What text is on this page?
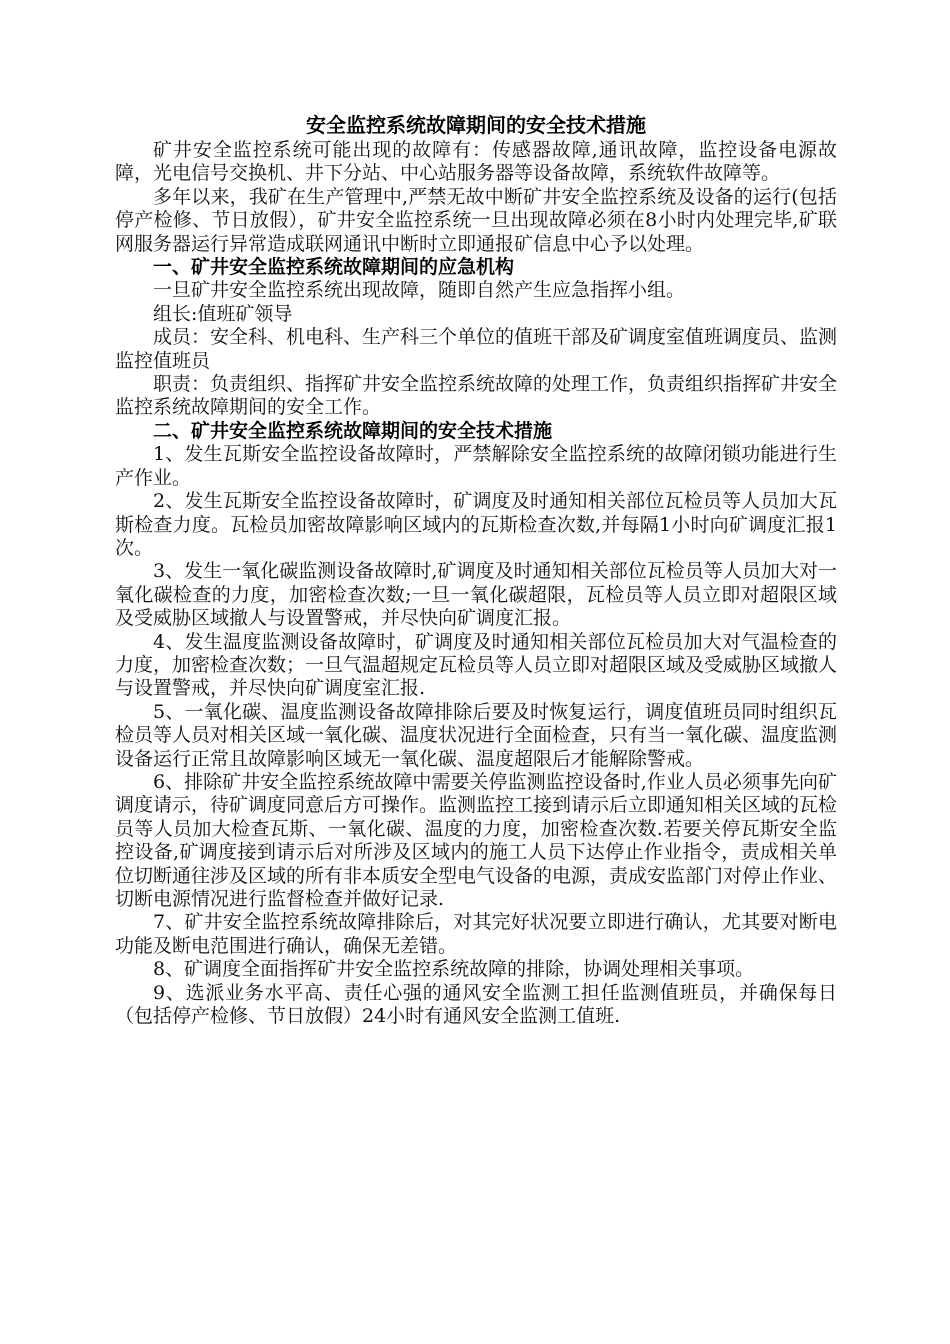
安全监控系统故障期间的安全技术措施

矿井安全监控系统可能出现的故障有：传感器故障,通讯故障，监控设备电源故障，光电信号交换机、井下分站、中心站服务器等设备故障，系统软件故障等。

多年以来，我矿在生产管理中,严禁无故中断矿井安全监控系统及设备的运行(包括停产检修、节日放假），矿井安全监控系统一旦出现故障必须在8小时内处理完毕,矿联网服务器运行异常造成联网通讯中断时立即通报矿信息中心予以处理。

一、矿井安全监控系统故障期间的应急机构

一旦矿井安全监控系统出现故障，随即自然产生应急指挥小组。

组长:值班矿领导

成员：安全科、机电科、生产科三个单位的值班干部及矿调度室值班调度员、监测监控值班员

职责：负责组织、指挥矿井安全监控系统故障的处理工作，负责组织指挥矿井安全监控系统故障期间的安全工作。

二、矿井安全监控系统故障期间的安全技术措施

1、发生瓦斯安全监控设备故障时，严禁解除安全监控系统的故障闭锁功能进行生产作业。

2、发生瓦斯安全监控设备故障时，矿调度及时通知相关部位瓦检员等人员加大瓦斯检查力度。瓦检员加密故障影响区域内的瓦斯检查次数,并每隔1小时向矿调度汇报1次。

3、发生一氧化碳监测设备故障时,矿调度及时通知相关部位瓦检员等人员加大对一氧化碳检查的力度，加密检查次数;一旦一氧化碳超限，瓦检员等人员立即对超限区域及受威胁区域撤人与设置警戒，并尽快向矿调度汇报。

4、发生温度监测设备故障时，矿调度及时通知相关部位瓦检员加大对气温检查的力度，加密检查次数；一旦气温超规定瓦检员等人员立即对超限区域及受威胁区域撤人与设置警戒，并尽快向矿调度室汇报.

5、一氧化碳、温度监测设备故障排除后要及时恢复运行，调度值班员同时组织瓦检员等人员对相关区域一氧化碳、温度状况进行全面检查，只有当一氧化碳、温度监测设备运行正常且故障影响区域无一氧化碳、温度超限后才能解除警戒。

6、排除矿井安全监控系统故障中需要关停监测监控设备时,作业人员必须事先向矿调度请示，待矿调度同意后方可操作。监测监控工接到请示后立即通知相关区域的瓦检员等人员加大检查瓦斯、一氧化碳、温度的力度，加密检查次数.若要关停瓦斯安全监控设备,矿调度接到请示后对所涉及区域内的施工人员下达停止作业指令，责成相关单位切断通往涉及区域的所有非本质安全型电气设备的电源，责成安监部门对停止作业、切断电源情况进行监督检查并做好记录.

7、矿井安全监控系统故障排除后，对其完好状况要立即进行确认，尤其要对断电功能及断电范围进行确认，确保无差错。

8、矿调度全面指挥矿井安全监控系统故障的排除，协调处理相关事项。

9、选派业务水平高、责任心强的通风安全监测工担任监测值班员，并确保每日（包括停产检修、节日放假）24小时有通风安全监测工值班.
